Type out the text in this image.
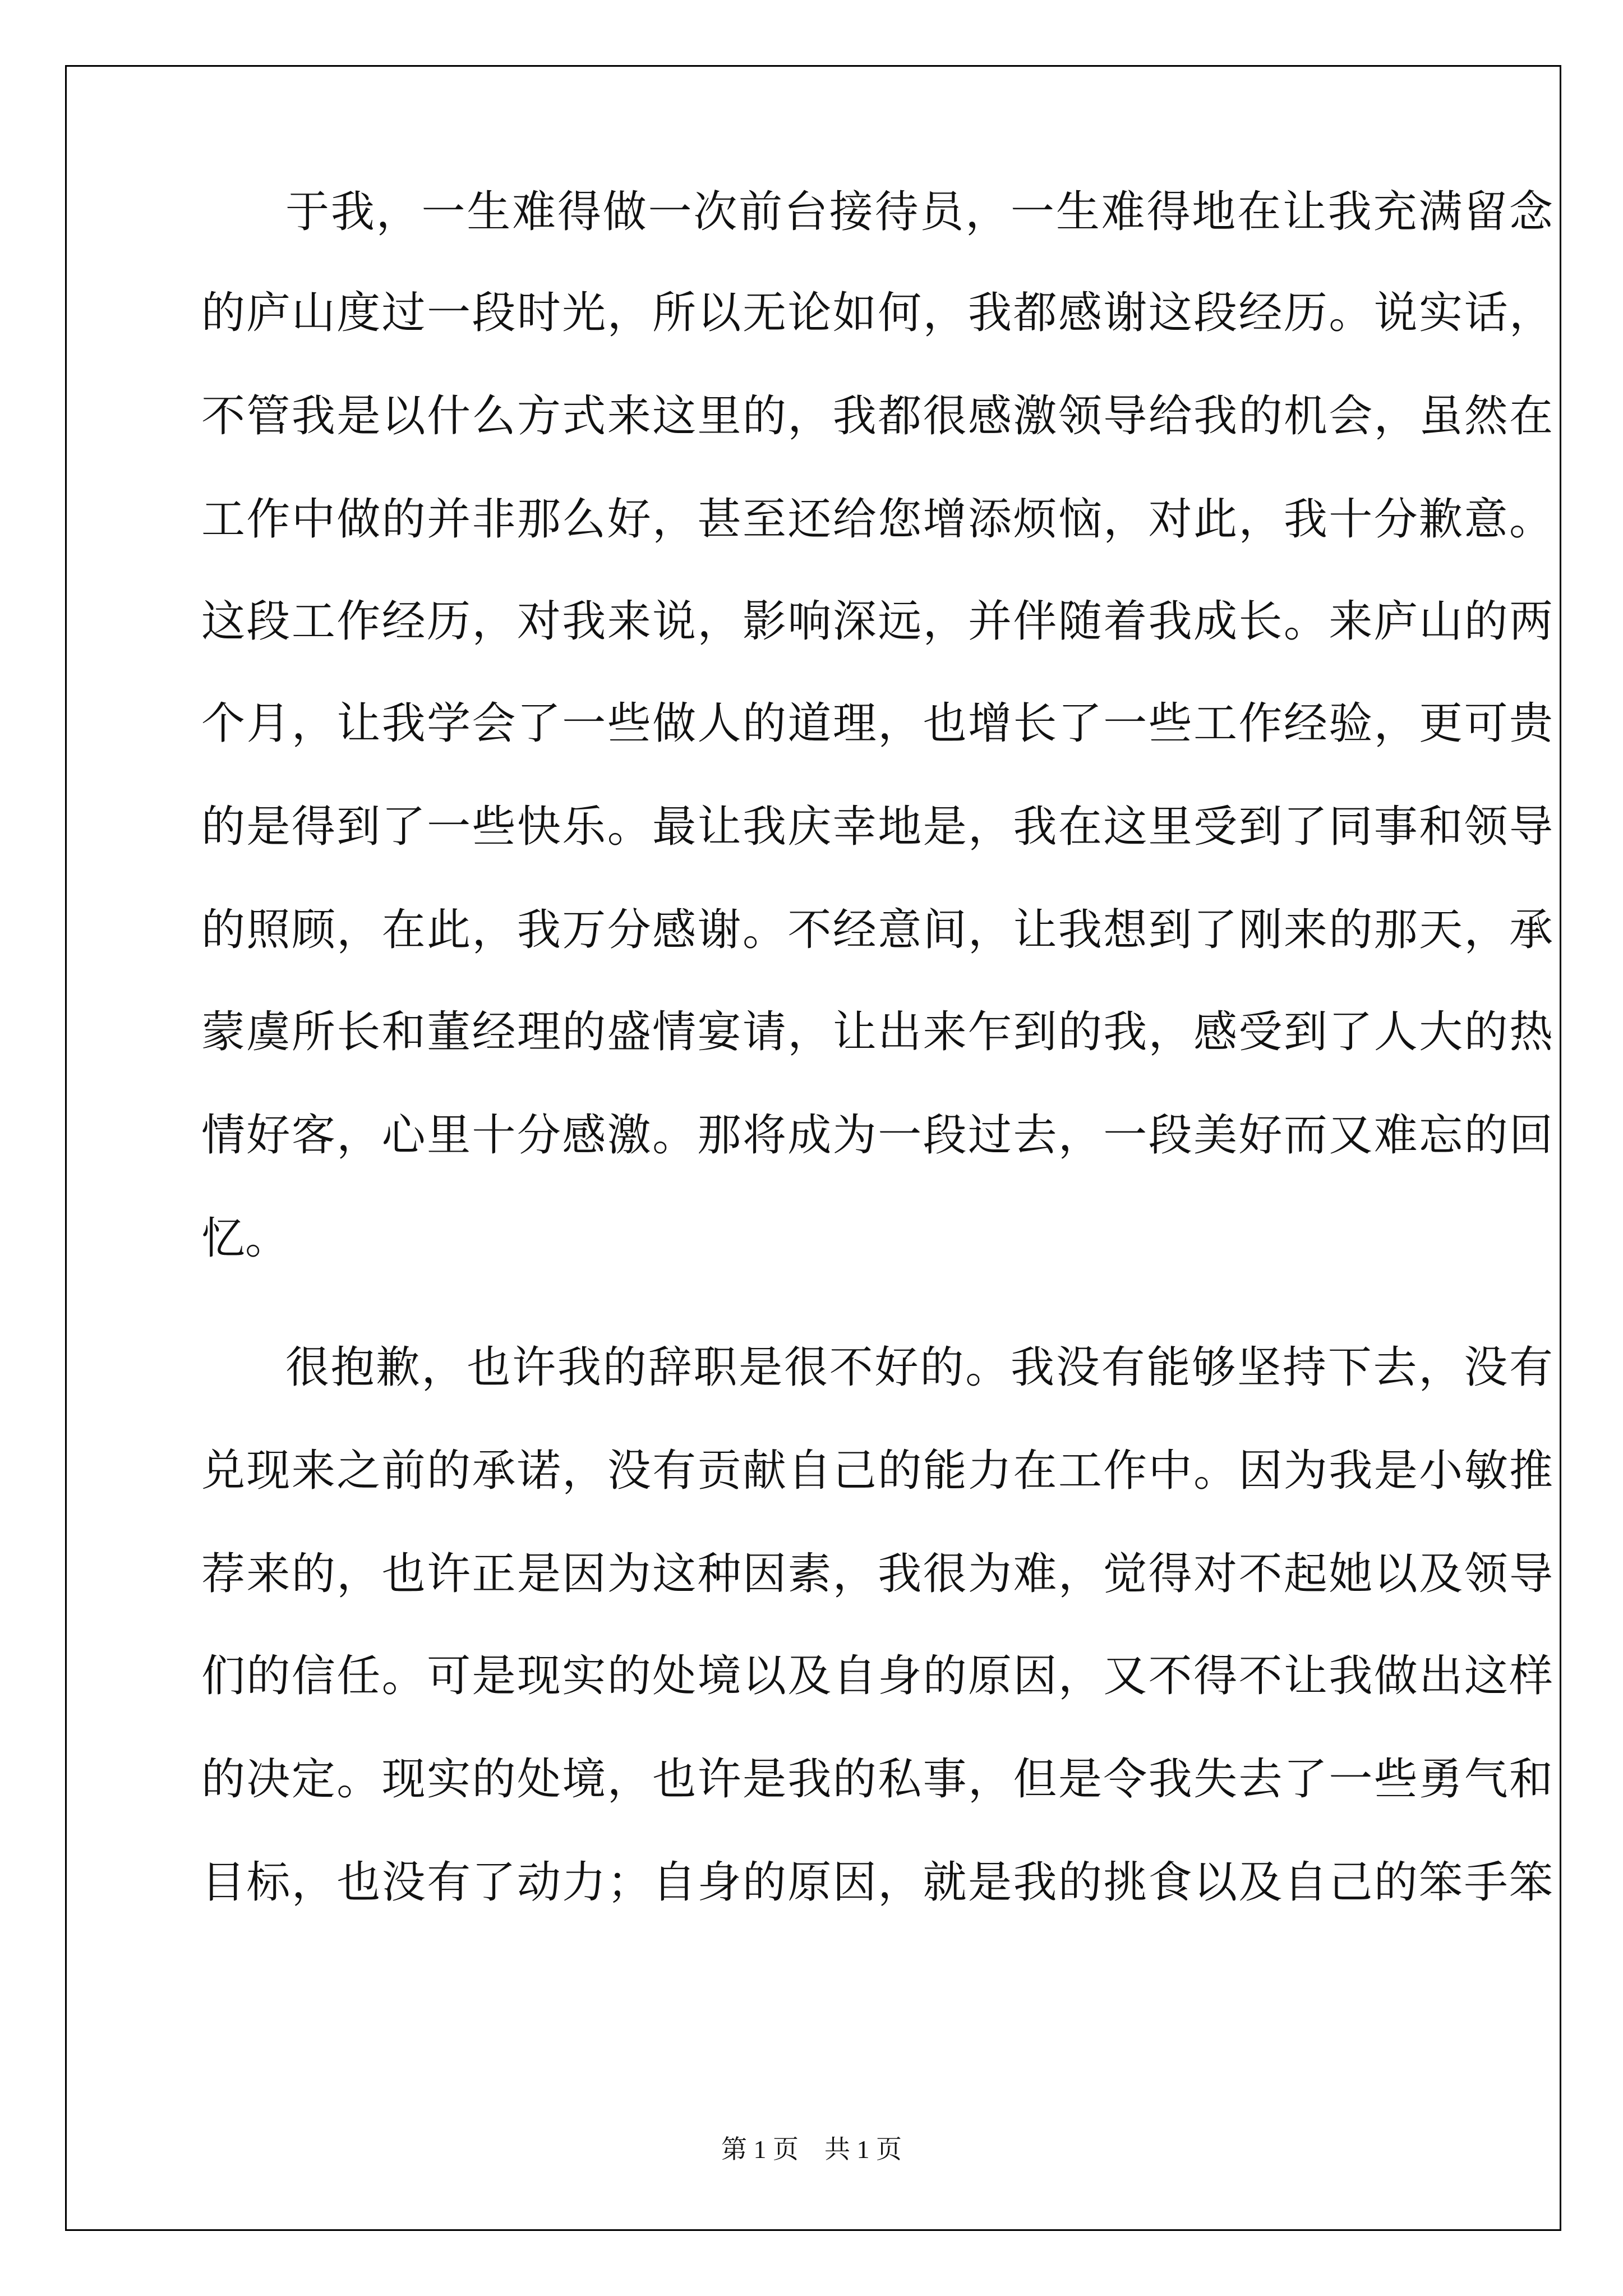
于我，一生难得做一次前台接待员，一生难得地在让我充满留念
的庐山度过一段时光，所以无论如何，我都感谢这段经历。说实话，
不管我是以什么方式来这里的，我都很感激领导给我的机会，虽然在
工作中做的并非那么好，甚至还给您增添烦恼，对此，我十分歉意。
这段工作经历，对我来说，影响深远，并伴随着我成长。来庐山的两
个月，让我学会了一些做人的道理，也增长了一些工作经验，更可贵
的是得到了一些快乐。最让我庆幸地是，我在这里受到了同事和领导
的照顾，在此，我万分感谢。不经意间，让我想到了刚来的那天，承
蒙虞所长和董经理的盛情宴请，让出来乍到的我，感受到了人大的热
情好客，心里十分感激。那将成为一段过去，一段美好而又难忘的回
忆。
很抱歉，也许我的辞职是很不好的。我没有能够坚持下去，没有
兑现来之前的承诺，没有贡献自己的能力在工作中。因为我是小敏推
荐来的，也许正是因为这种因素，我很为难，觉得对不起她以及领导
们的信任。可是现实的处境以及自身的原因，又不得不让我做出这样
的决定。现实的处境，也许是我的私事，但是令我失去了一些勇气和
目标，也没有了动力；自身的原因，就是我的挑食以及自己的笨手笨
第 1 页 共 1 页
